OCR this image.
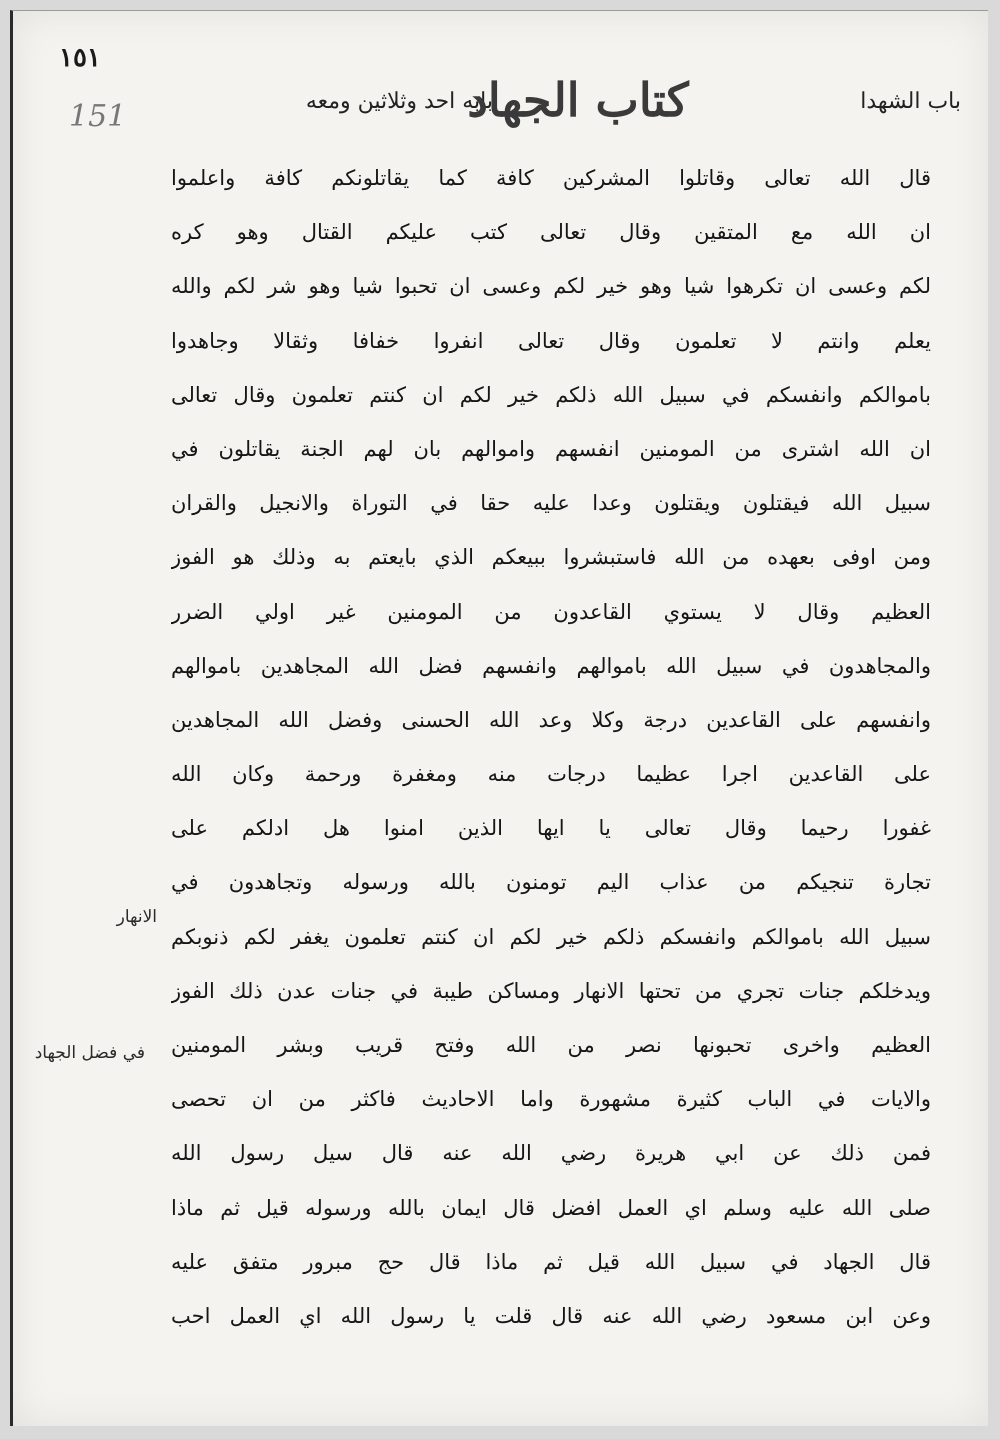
١٥١
151	بابه احد وثلاثين ومعه
كتاب الجهاد	باب الشهدا
قال الله تعالى وقاتلوا المشركين كافة كما يقاتلونكم كافة واعلموا
ان الله مع المتقين وقال تعالى كتب عليكم القتال وهو كره
لكم وعسى ان تكرهوا شيا وهو خير لكم وعسى ان تحبوا شيا وهو شر لكم والله
يعلم وانتم لا تعلمون وقال تعالى انفروا خفافا وثقالا وجاهدوا
باموالكم وانفسكم في سبيل الله ذلكم خير لكم ان كنتم تعلمون وقال تعالى
ان الله اشترى من المومنين انفسهم واموالهم بان لهم الجنة يقاتلون في
سبيل الله فيقتلون ويقتلون وعدا عليه حقا في التوراة والانجيل والقران
ومن اوفى بعهده من الله فاستبشروا ببيعكم الذي بايعتم به وذلك هو الفوز
العظيم وقال لا يستوي القاعدون من المومنين غير اولي الضرر
والمجاهدون في سبيل الله باموالهم وانفسهم فضل الله المجاهدين باموالهم
وانفسهم على القاعدين درجة وكلا وعد الله الحسنى وفضل الله المجاهدين
على القاعدين اجرا عظيما درجات منه ومغفرة ورحمة وكان الله
غفورا رحيما وقال تعالى يا ايها الذين امنوا هل ادلكم على
تجارة تنجيكم من عذاب اليم تومنون بالله ورسوله وتجاهدون في
سبيل الله باموالكم وانفسكم ذلكم خير لكم ان كنتم تعلمون يغفر لكم ذنوبكم
ويدخلكم جنات تجري من تحتها الانهار ومساكن طيبة في جنات عدن ذلك الفوز
العظيم واخرى تحبونها نصر من الله وفتح قريب وبشر المومنين
والايات في الباب كثيرة مشهورة واما الاحاديث فاكثر من ان تحصى
فمن ذلك عن ابي هريرة رضي الله عنه قال سيل رسول الله
صلى الله عليه وسلم اي العمل افضل قال ايمان بالله ورسوله قيل ثم ماذا
قال الجهاد في سبيل الله قيل ثم ماذا قال حج مبرور متفق عليه
وعن ابن مسعود رضي الله عنه قال قلت يا رسول الله اي العمل احب
الانهار
في فضل الجهاد
